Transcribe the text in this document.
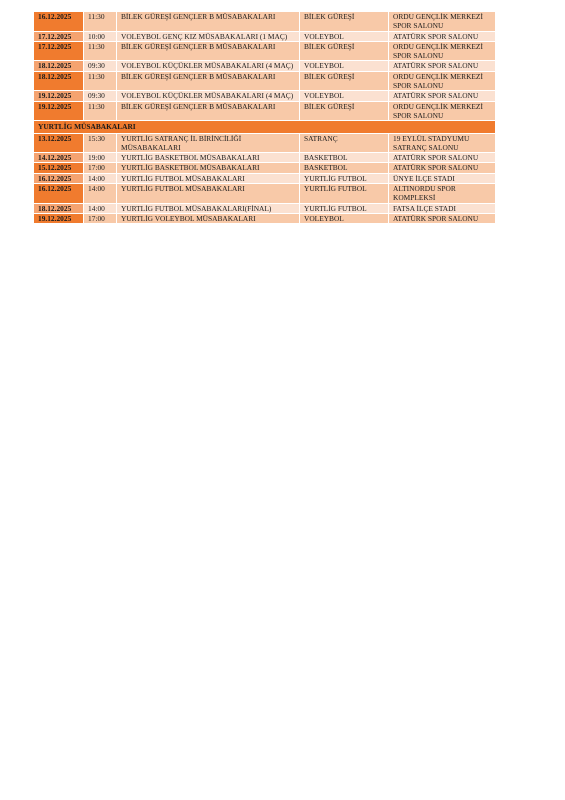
16.12.2025	11:30	BİLEK GÜREŞİ GENÇLER B MÜSABAKALARI	BİLEK GÜREŞİ	ORDU GENÇLİK MERKEZİ SPOR SALONU
17.12.2025	10:00	VOLEYBOL GENÇ KIZ MÜSABAKALARI (1 MAÇ)	VOLEYBOL	ATATÜRK SPOR SALONU
17.12.2025	11:30	BİLEK GÜREŞİ GENÇLER B MÜSABAKALARI	BİLEK GÜREŞİ	ORDU GENÇLİK MERKEZİ SPOR SALONU
18.12.2025	09:30	VOLEYBOL KÜÇÜKLER MÜSABAKALARI (4 MAÇ)	VOLEYBOL	ATATÜRK SPOR SALONU
18.12.2025	11:30	BİLEK GÜREŞİ GENÇLER B MÜSABAKALARI	BİLEK GÜREŞİ	ORDU GENÇLİK MERKEZİ SPOR SALONU
19.12.2025	09:30	VOLEYBOL KÜÇÜKLER MÜSABAKALARI (4 MAÇ)	VOLEYBOL	ATATÜRK SPOR SALONU
19.12.2025	11:30	BİLEK GÜREŞİ GENÇLER B MÜSABAKALARI	BİLEK GÜREŞİ	ORDU GENÇLİK MERKEZİ SPOR SALONU
YURTLİG MÜSABAKALARI				
13.12.2025	15:30	YURTLİG SATRANÇ İL BİRİNCİLİĞİ MÜSABAKALARI	SATRANÇ	19 EYLÜL STADYUMU SATRANÇ SALONU
14.12.2025	19:00	YURTLİG BASKETBOL MÜSABAKALARI	BASKETBOL	ATATÜRK SPOR SALONU
15.12.2025	17:00	YURTLİG BASKETBOL MÜSABAKALARI	BASKETBOL	ATATÜRK SPOR SALONU
16.12.2025	14:00	YURTLİG FUTBOL MÜSABAKALARI	YURTLİG FUTBOL	ÜNYE İLÇE STADI
16.12.2025	14:00	YURTLİG FUTBOL MÜSABAKALARI	YURTLİG FUTBOL	ALTINORDU SPOR KOMPLEKSİ
18.12.2025	14:00	YURTLİG FUTBOL MÜSABAKALARI(FİNAL)	YURTLİG FUTBOL	FATSA İLÇE STADI
19.12.2025	17:00	YURTLİG VOLEYBOL MÜSABAKALARI	VOLEYBOL	ATATÜRK SPOR SALONU
